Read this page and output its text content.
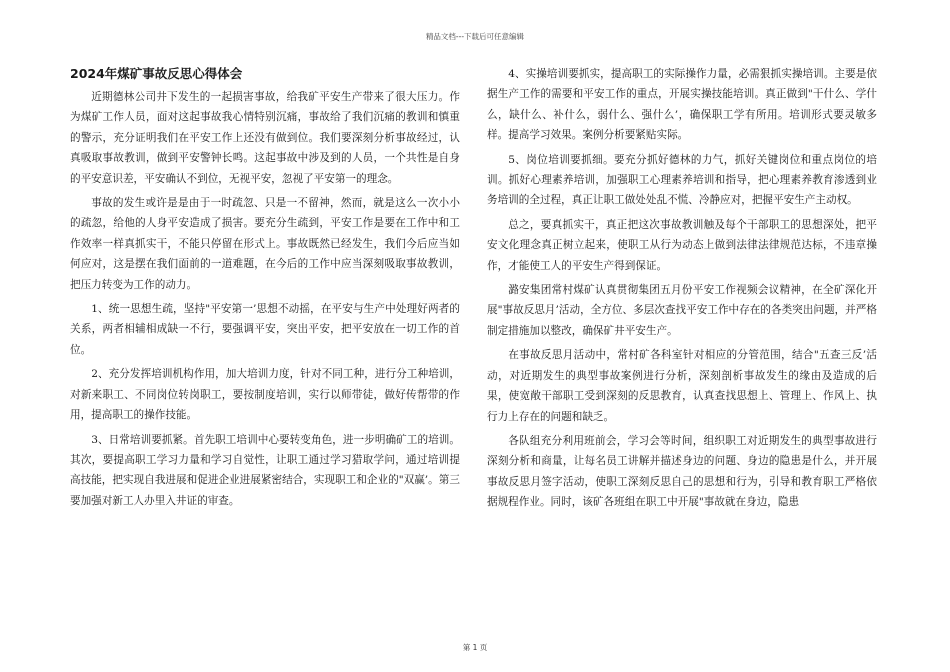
精品文档---下载后可任意编辑
2024年煤矿事故反思心得体会

近期德林公司井下发生的一起损害事故，给我矿平安生产带来了很大压力。作为煤矿工作人员，面对这起事故我心情特别沉痛，事故给了我们沉痛的教训和慎重的警示，充分证明我们在平安工作上还没有做到位。我们要深刻分析事故经过，认真吸取事故教训，做到平安警钟长鸣。这起事故中涉及到的人员，一个共性是自身的平安意识差，平安确认不到位，无视平安，忽视了平安第一的理念。

事故的发生或许是是由于一时疏忽、只是一不留神，然而，就是这么一次小小的疏忽，给他的人身平安造成了损害。要充分生疏到，平安工作是要在工作中和工作效率一样真抓实干，不能只停留在形式上。事故既然已经发生，我们今后应当如何应对，这是摆在我们面前的一道难题，在今后的工作中应当深刻吸取事故教训，把压力转变为工作的动力。

1、统一思想生疏，坚持"平安第一’思想不动摇，在平安与生产中处理好两者的关系，两者相辅相成缺一不行，要强调平安，突出平安，把平安放在一切工作的首位。

2、充分发挥培训机构作用，加大培训力度，针对不同工种，进行分工种培训，对新来职工、不同岗位转岗职工，要按制度培训，实行以师带徒，做好传帮带的作用，提高职工的操作技能。

3、日常培训要抓紧。首先职工培训中心要转变角色，进一步明确矿工的培训。其次，要提高职工学习力量和学习自觉性，让职工通过学习猎取学问，通过培训提高技能，把实现自我进展和促进企业进展紧密结合，实现职工和企业的"双赢’。第三要加强对新工人办里入井证的审查。

4、实操培训要抓实，提高职工的实际操作力量，必需狠抓实操培训。主要是依据生产工作的需要和平安工作的重点，开展实操技能培训。真正做到"干什么、学什么，缺什么、补什么，弱什么、强什么’，确保职工学有所用。培训形式要灵敏多样。提高学习效果。案例分析要紧贴实际。

5、岗位培训要抓细。要充分抓好德林的力气，抓好关键岗位和重点岗位的培训。抓好心理素养培训，加强职工心理素养培训和指导，把心理素养教育渗透到业务培训的全过程，真正让职工做处处乱不慌、冷静应对，把握平安生产主动权。

总之，要真抓实干，真正把这次事故教训触及每个干部职工的思想深处，把平安文化理念真正树立起来，使职工从行为动态上做到法律法律规范达标，不违章操作，才能使工人的平安生产得到保证。

潞安集团常村煤矿认真贯彻集团五月份平安工作视频会议精神，在全矿深化开展"事故反思月’活动，全方位、多层次查找平安工作中存在的各类突出问题，并严格制定措施加以整改，确保矿井平安生产。

在事故反思月活动中，常村矿各科室针对相应的分管范围，结合"五查三反’活动，对近期发生的典型事故案例进行分析，深刻剖析事故发生的缘由及造成的后果，使宽敞干部职工受到深刻的反思教育，认真查找思想上、管理上、作风上、执行力上存在的问题和缺乏。

各队组充分利用班前会，学习会等时间，组织职工对近期发生的典型事故进行深刻分析和商量，让每名员工讲解并描述身边的问题、身边的隐患是什么，并开展事故反思月签字活动，使职工深刻反思自己的思想和行为，引导和教育职工严格依据规程作业。同时，该矿各班组在职工中开展"事故就在身边，隐患

第 1 页
